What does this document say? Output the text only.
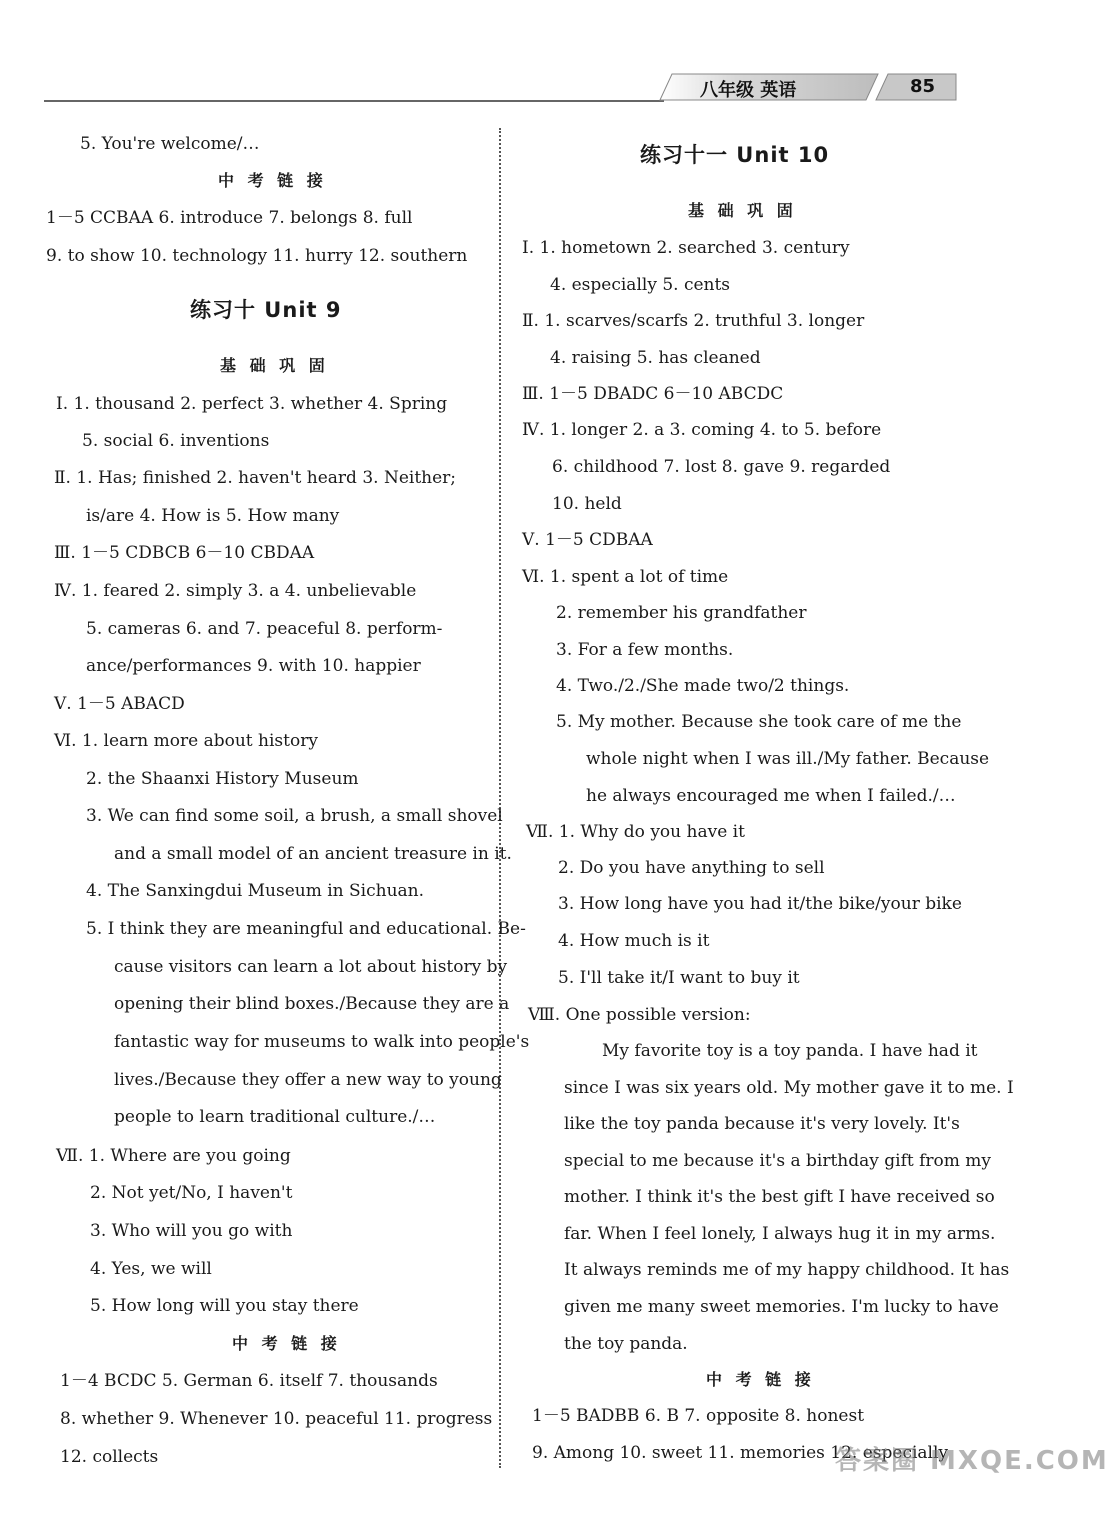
八年级 英语	85
5. You're welcome/…
中 考 链 接
1－5 CCBAA 6. introduce 7. belongs 8. full
9. to show 10. technology 11. hurry 12. southern
练习十 Unit 9
基 础 巩 固
Ⅰ. 1. thousand 2. perfect 3. whether 4. Spring
5. social 6. inventions
Ⅱ. 1. Has; finished 2. haven't heard 3. Neither;
is/are 4. How is 5. How many
Ⅲ. 1－5 CDBCB 6－10 CBDAA
Ⅳ. 1. feared 2. simply 3. a 4. unbelievable
5. cameras 6. and 7. peaceful 8. perform-
ance/performances 9. with 10. happier
Ⅴ. 1－5 ABACD
Ⅵ. 1. learn more about history
2. the Shaanxi History Museum
3. We can find some soil, a brush, a small shovel
and a small model of an ancient treasure in it.
4. The Sanxingdui Museum in Sichuan.
5. I think they are meaningful and educational. Be-
cause visitors can learn a lot about history by
opening their blind boxes./Because they are a
fantastic way for museums to walk into people's
lives./Because they offer a new way to young
people to learn traditional culture./…
Ⅶ. 1. Where are you going
2. Not yet/No, I haven't
3. Who will you go with
4. Yes, we will
5. How long will you stay there
中 考 链 接
1－4 BCDC 5. German 6. itself 7. thousands
8. whether 9. Whenever 10. peaceful 11. progress
12. collects
练习十一 Unit 10
基 础 巩 固
Ⅰ. 1. hometown 2. searched 3. century
4. especially 5. cents
Ⅱ. 1. scarves/scarfs 2. truthful 3. longer
4. raising 5. has cleaned
Ⅲ. 1－5 DBADC 6－10 ABCDC
Ⅳ. 1. longer 2. a 3. coming 4. to 5. before
6. childhood 7. lost 8. gave 9. regarded
10. held
Ⅴ. 1－5 CDBAA
Ⅵ. 1. spent a lot of time
2. remember his grandfather
3. For a few months.
4. Two./2./She made two/2 things.
5. My mother. Because she took care of me the
whole night when I was ill./My father. Because
he always encouraged me when I failed./…
Ⅶ. 1. Why do you have it
2. Do you have anything to sell
3. How long have you had it/the bike/your bike
4. How much is it
5. I'll take it/I want to buy it
Ⅷ. One possible version:
My favorite toy is a toy panda. I have had it
since I was six years old. My mother gave it to me. I
like the toy panda because it's very lovely. It's
special to me because it's a birthday gift from my
mother. I think it's the best gift I have received so
far. When I feel lonely, I always hug it in my arms.
It always reminds me of my happy childhood. It has
given me many sweet memories. I'm lucky to have
the toy panda.
中 考 链 接
1－5 BADBB 6. B 7. opposite 8. honest
9. Among 10. sweet 11. memories 12. especially
答案圈 MXQE.COM
